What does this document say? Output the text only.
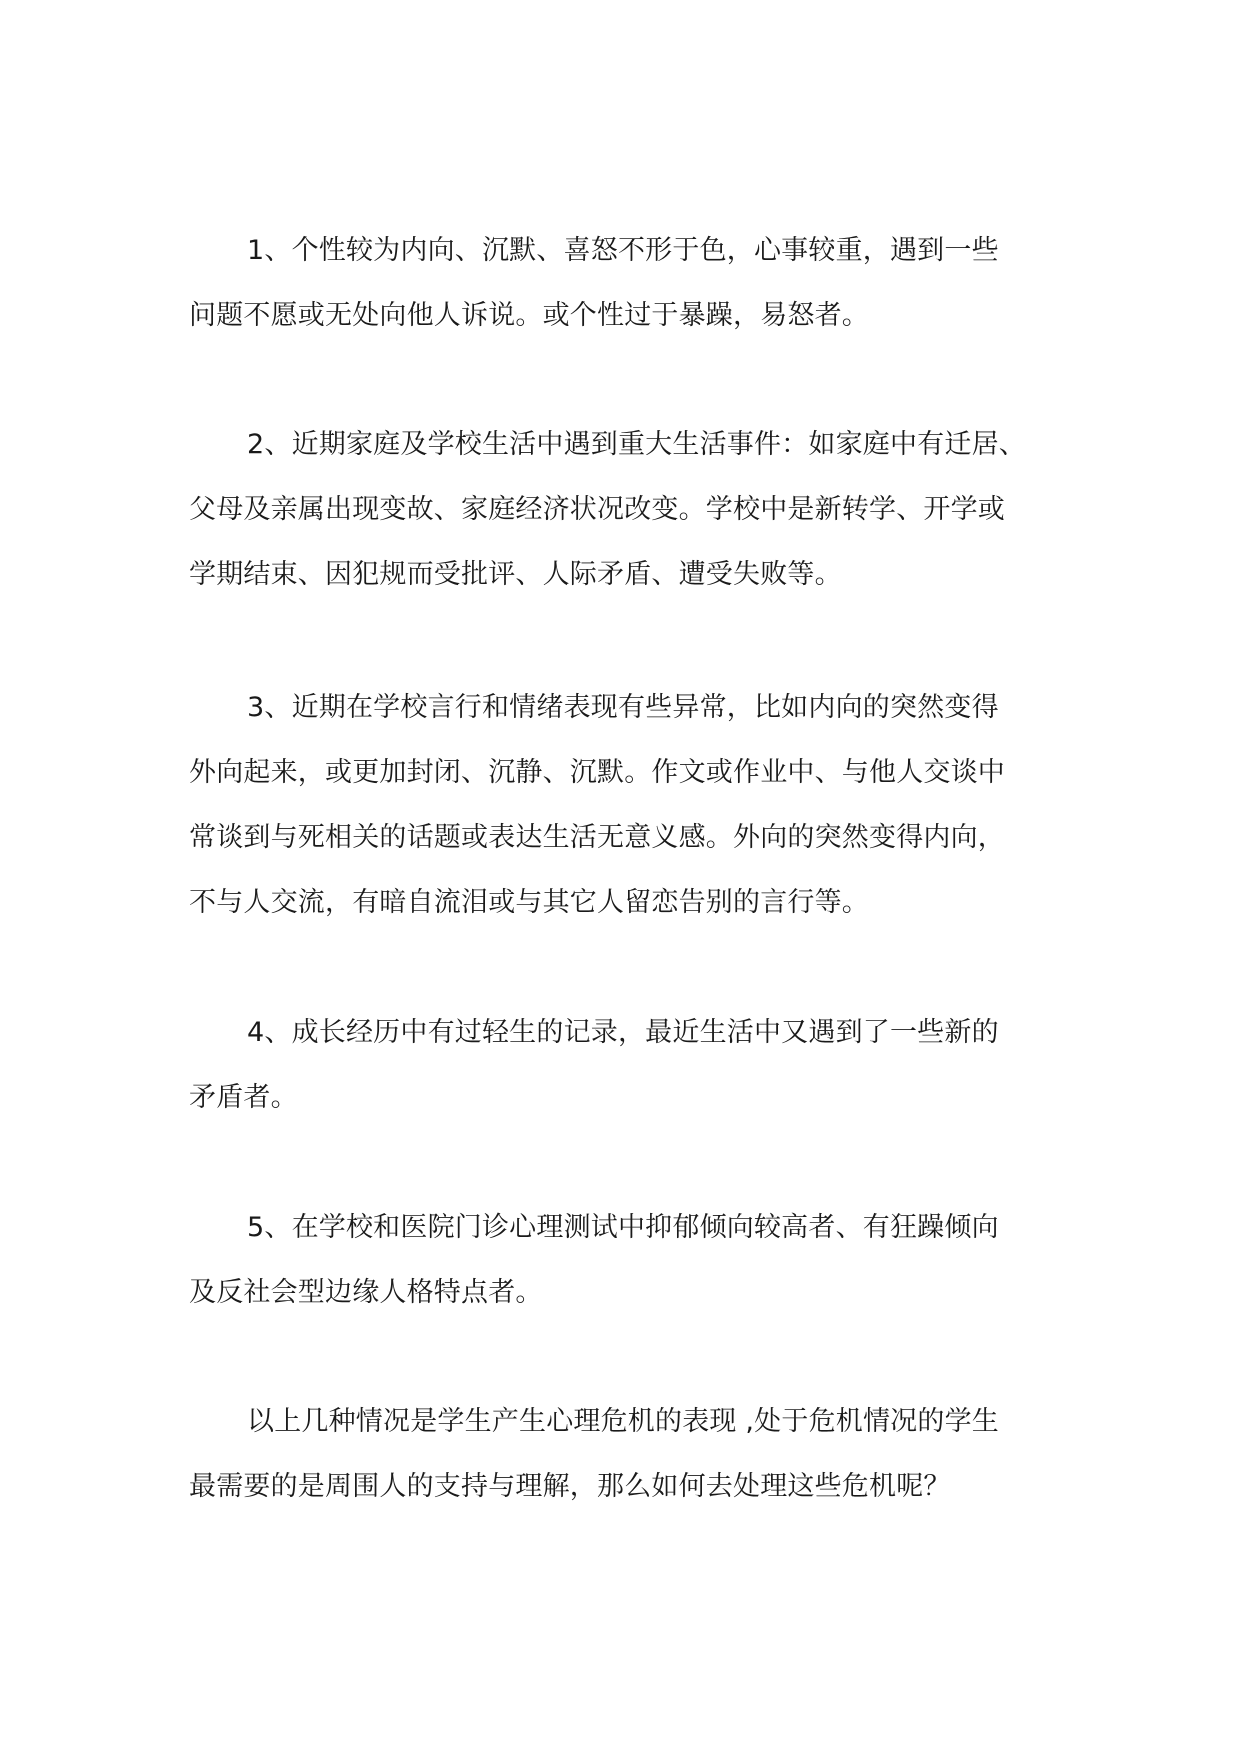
1、个性较为内向、沉默、喜怒不形于色，心事较重，遇到一些
问题不愿或无处向他人诉说。或个性过于暴躁，易怒者。

2、近期家庭及学校生活中遇到重大生活事件：如家庭中有迁居、
父母及亲属出现变故、家庭经济状况改变。学校中是新转学、开学或
学期结束、因犯规而受批评、人际矛盾、遭受失败等。

3、近期在学校言行和情绪表现有些异常，比如内向的突然变得
外向起来，或更加封闭、沉静、沉默。作文或作业中、与他人交谈中
常谈到与死相关的话题或表达生活无意义感。外向的突然变得内向，
不与人交流，有暗自流泪或与其它人留恋告别的言行等。

4、成长经历中有过轻生的记录，最近生活中又遇到了一些新的
矛盾者。

5、在学校和医院门诊心理测试中抑郁倾向较高者、有狂躁倾向
及反社会型边缘人格特点者。

以上几种情况是学生产生心理危机的表现 ,处于危机情况的学生
最需要的是周围人的支持与理解，那么如何去处理这些危机呢？
